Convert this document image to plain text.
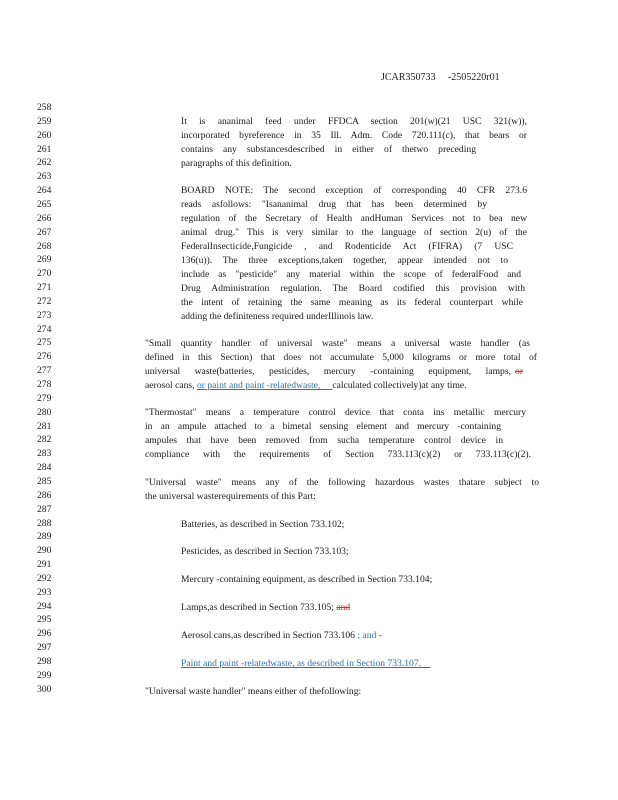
JCAR350733     -2505220r01
258
259
260
261
262
263
264
265
266
267
268
269
270
271
272
273
274
275
276
277
278
279
280
281
282
283
284
285
286
287
288
289
290
291
292
293
294
295
296
297
298
299
300
It is ananimal feed under FFDCA section 201(w)(21 USC 321(w)),
incorporated byreference in 35 Ill. Adm. Code 720.111(c), that bears or
contains any substancesdescribed in either of thetwo preceding
paragraphs of this definition.
BOARD NOTE: The second exception of corresponding 40 CFR 273.6
reads asfollows: "Isananimal drug that has been determined by
regulation of the Secretary of Health andHuman Services not to bea new
animal drug." This is very similar to the language of section 2(u) of the
FederalInsecticide,Fungicide , and Rodenticide Act (FIFRA) (7 USC
136(u)). The three exceptions,taken together, appear intended not to
include as "pesticide" any material within the scope of federalFood and
Drug Administration regulation. The Board codified this provision with
the intent of retaining the same meaning as its federal counterpart while
adding the definiteness required underIllinois law.
"Small quantity handler of universal waste" means a universal waste handler (as
defined in this Section) that does not accumulate 5,000 kilograms or more total of
universal waste(batteries, pesticides, mercury -containing equipment, lamps, or
aerosol cans, or paint and paint -relatedwaste, calculated collectively)at any time.
"Thermostat" means a temperature control device that conta ins metallic mercury
in an ampule attached to a bimetal sensing element and mercury -containing
ampules that have been removed from sucha temperature control device in
compliance with the requirements of Section 733.113(c)(2) or 733.113(c)(2).
"Universal waste" means any of the following hazardous wastes thatare subject to
the universal wasterequirements of this Part:
Batteries, as described in Section 733.102;
Pesticides, as described in Section 733.103;
Mercury -containing equipment, as described in Section 733.104;
Lamps,as described in Section 733.105; and
Aerosol cans,as described in Section 733.106 ; and -
Paint and paint -relatedwaste, as described in Section 733.107.
"Universal waste handler" means either of thefollowing:
